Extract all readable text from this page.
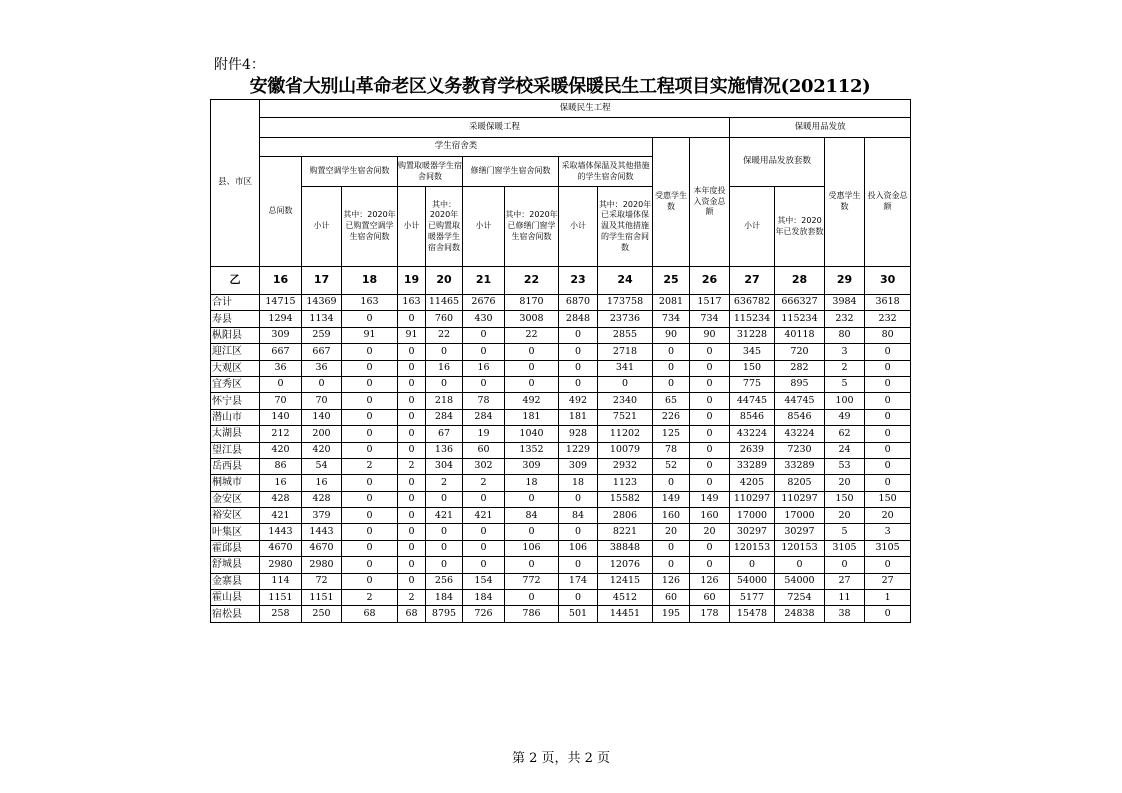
附件4：
安徽省大别山革命老区义务教育学校采暖保暖民生工程项目实施情况(202112)
县、市区	保暖民生工程														
	采暖保暖工程											保暖用品发放			
	学生宿舍类									受惠学生数	本年度投入资金总额	保暖用品发放套数		受惠学生数	投入资金总额
	总间数	购置空调学生宿舍间数		购置取暖器学生宿舍间数		修缮门窗学生宿舍间数		采取墙体保温及其他措施的学生宿舍间数							
		小计	其中：2020年已购置空调学生宿舍间数	小计	其中：2020年已购置取暖器学生宿舍间数	小计	其中：2020年已修缮门窗学生宿舍间数	小计	其中：2020年已采取墙体保温及其他措施的学生宿舍间数			小计	其中：2020年已发放套数		
乙	16	17	18	19	20	21	22	23	24	25	26	27	28	29	30
合计	14715	14369	163	163	11465	2676	8170	6870	173758	2081	1517	636782	666327	3984	3618
寿县	1294	1134	0	0	760	430	3008	2848	23736	734	734	115234	115234	232	232
枞阳县	309	259	91	91	22	0	22	0	2855	90	90	31228	40118	80	80
迎江区	667	667	0	0	0	0	0	0	2718	0	0	345	720	3	0
大观区	36	36	0	0	16	16	0	0	341	0	0	150	282	2	0
宜秀区	0	0	0	0	0	0	0	0	0	0	0	775	895	5	0
怀宁县	70	70	0	0	218	78	492	492	2340	65	0	44745	44745	100	0
潜山市	140	140	0	0	284	284	181	181	7521	226	0	8546	8546	49	0
太湖县	212	200	0	0	67	19	1040	928	11202	125	0	43224	43224	62	0
望江县	420	420	0	0	136	60	1352	1229	10079	78	0	2639	7230	24	0
岳西县	86	54	2	2	304	302	309	309	2932	52	0	33289	33289	53	0
桐城市	16	16	0	0	2	2	18	18	1123	0	0	4205	8205	20	0
金安区	428	428	0	0	0	0	0	0	15582	149	149	110297	110297	150	150
裕安区	421	379	0	0	421	421	84	84	2806	160	160	17000	17000	20	20
叶集区	1443	1443	0	0	0	0	0	0	8221	20	20	30297	30297	5	3
霍邱县	4670	4670	0	0	0	0	106	106	38848	0	0	120153	120153	3105	3105
舒城县	2980	2980	0	0	0	0	0	0	12076	0	0	0	0	0	0
金寨县	114	72	0	0	256	154	772	174	12415	126	126	54000	54000	27	27
霍山县	1151	1151	2	2	184	184	0	0	4512	60	60	5177	7254	11	1
宿松县	258	250	68	68	8795	726	786	501	14451	195	178	15478	24838	38	0
第 2 页，共 2 页
